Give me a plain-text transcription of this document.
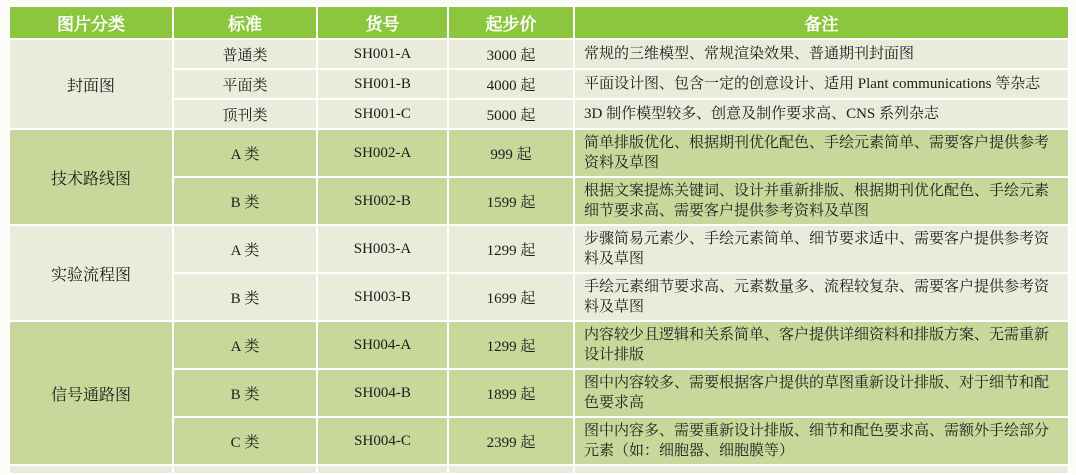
图片分类	标准	货号	起步价	备注
封面图	普通类	SH001-A	3000 起	常规的三维模型、常规渲染效果、普通期刊封面图
	平面类	SH001-B	4000 起	平面设计图、包含一定的创意设计、适用 Plant communications 等杂志
	顶刊类	SH001-C	5000 起	3D 制作模型较多、创意及制作要求高、CNS 系列杂志
技术路线图	A 类	SH002-A	999 起	简单排版优化、根据期刊优化配色、手绘元素简单、需要客户提供参考资料及草图
	B 类	SH002-B	1599 起	根据文案提炼关键词、设计并重新排版、根据期刊优化配色、手绘元素细节要求高、需要客户提供参考资料及草图
实验流程图	A 类	SH003-A	1299 起	步骤简易元素少、手绘元素简单、细节要求适中、需要客户提供参考资料及草图
	B 类	SH003-B	1699 起	手绘元素细节要求高、元素数量多、流程较复杂、需要客户提供参考资料及草图
信号通路图	A 类	SH004-A	1299 起	内容较少且逻辑和关系简单、客户提供详细资料和排版方案、无需重新设计排版
	B 类	SH004-B	1899 起	图中内容较多、需要根据客户提供的草图重新设计排版、对于细节和配色要求高
	C 类	SH004-C	2399 起	图中内容多、需要重新设计排版、细节和配色要求高、需额外手绘部分元素（如：细胞器、细胞膜等）
